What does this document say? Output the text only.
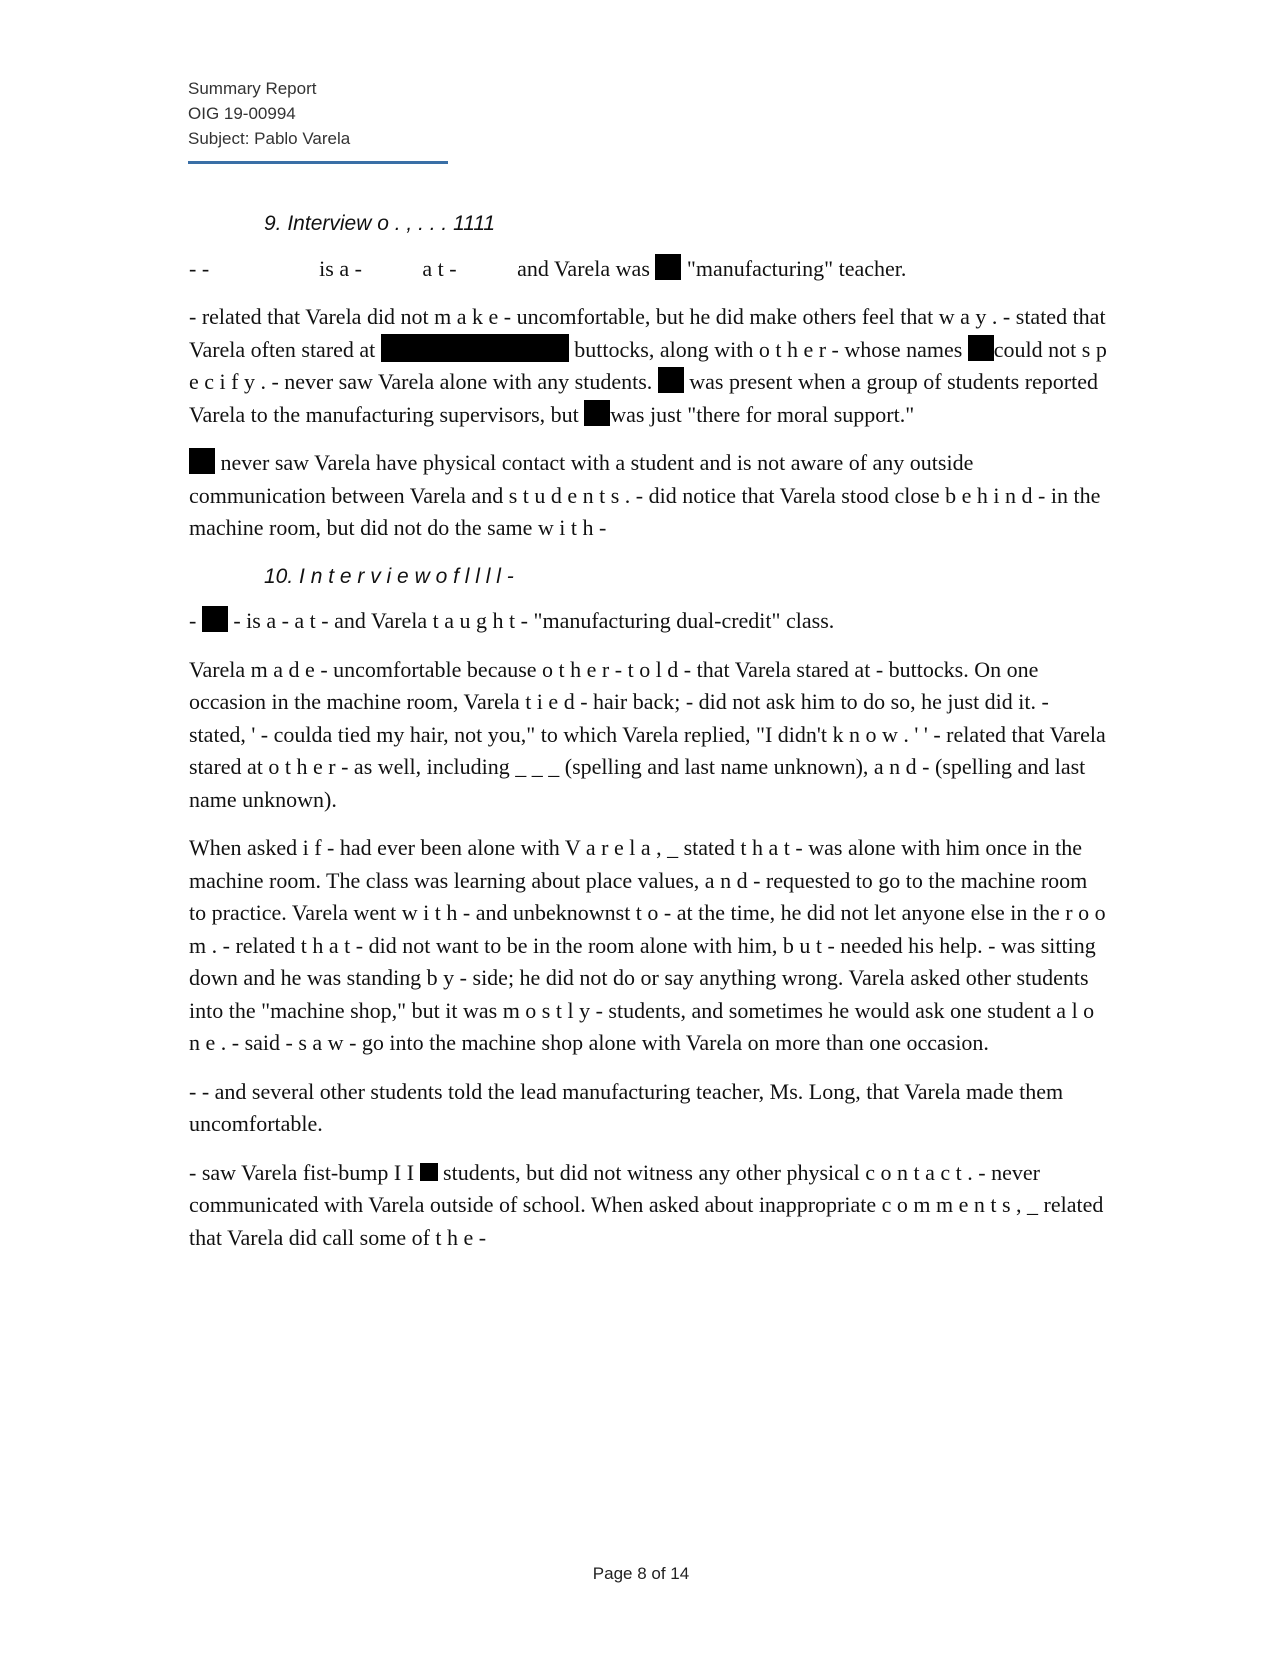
Summary Report
OIG 19-00994
Subject: Pablo Varela
9. Interview o . , . . . 1111

- -                    is a -           a t -           and Varela was  "manufacturing" teacher.

- related that Varela did not m a k e - uncomfortable, but he did make others feel that w a y . - stated that Varela often stared at	buttocks, along with o t h e r - whose names could not s p e c i f y . - never saw Varela alone with any students.  was present when a group of students reported Varela to the manufacturing supervisors, but was just "there for moral support."

never saw Varela have physical contact with a student and is not aware of any outside communication between Varela and s t u d e n t s . - did notice that Varela stood close b e h i n d - in the machine room, but did not do the same w i t h -

10. I n t e r v i e w o f l l l l -

-  - is a - a t - and Varela t a u g h t - "manufacturing dual-credit" class.

Varela m a d e - uncomfortable because o t h e r - t o l d - that Varela stared at - buttocks. On one occasion in the machine room, Varela t i e d - hair back; - did not ask him to do so, he just did it. - stated, ' - coulda tied my hair, not you," to which Varela replied, "I didn't k n o w . ' ' - related that Varela stared at o t h e r - as well, including _ _ _ (spelling and last name unknown), a n d - (spelling and last name unknown).

When asked i f - had ever been alone with V a r e l a , _ stated t h a t - was alone with him once in the machine room. The class was learning about place values, a n d - requested to go to the machine room to practice. Varela went w i t h - and unbeknownst t o - at the time, he did not let anyone else in the r o o m . - related t h a t - did not want to be in the room alone with him, b u t - needed his help. - was sitting down and he was standing b y - side; he did not do or say anything wrong. Varela asked other students into the "machine shop," but it was m o s t l y - students, and sometimes he would ask one student a l o n e . - said - s a w - go into the machine shop alone with Varela on more than one occasion.

- - and several other students told the lead manufacturing teacher, Ms. Long, that Varela made them uncomfortable.

- saw Varela fist-bump I I  students, but did not witness any other physical c o n t a c t . - never communicated with Varela outside of school. When asked about inappropriate c o m m e n t s , _ related that Varela did call some of t h e -

Page 8 of 14
